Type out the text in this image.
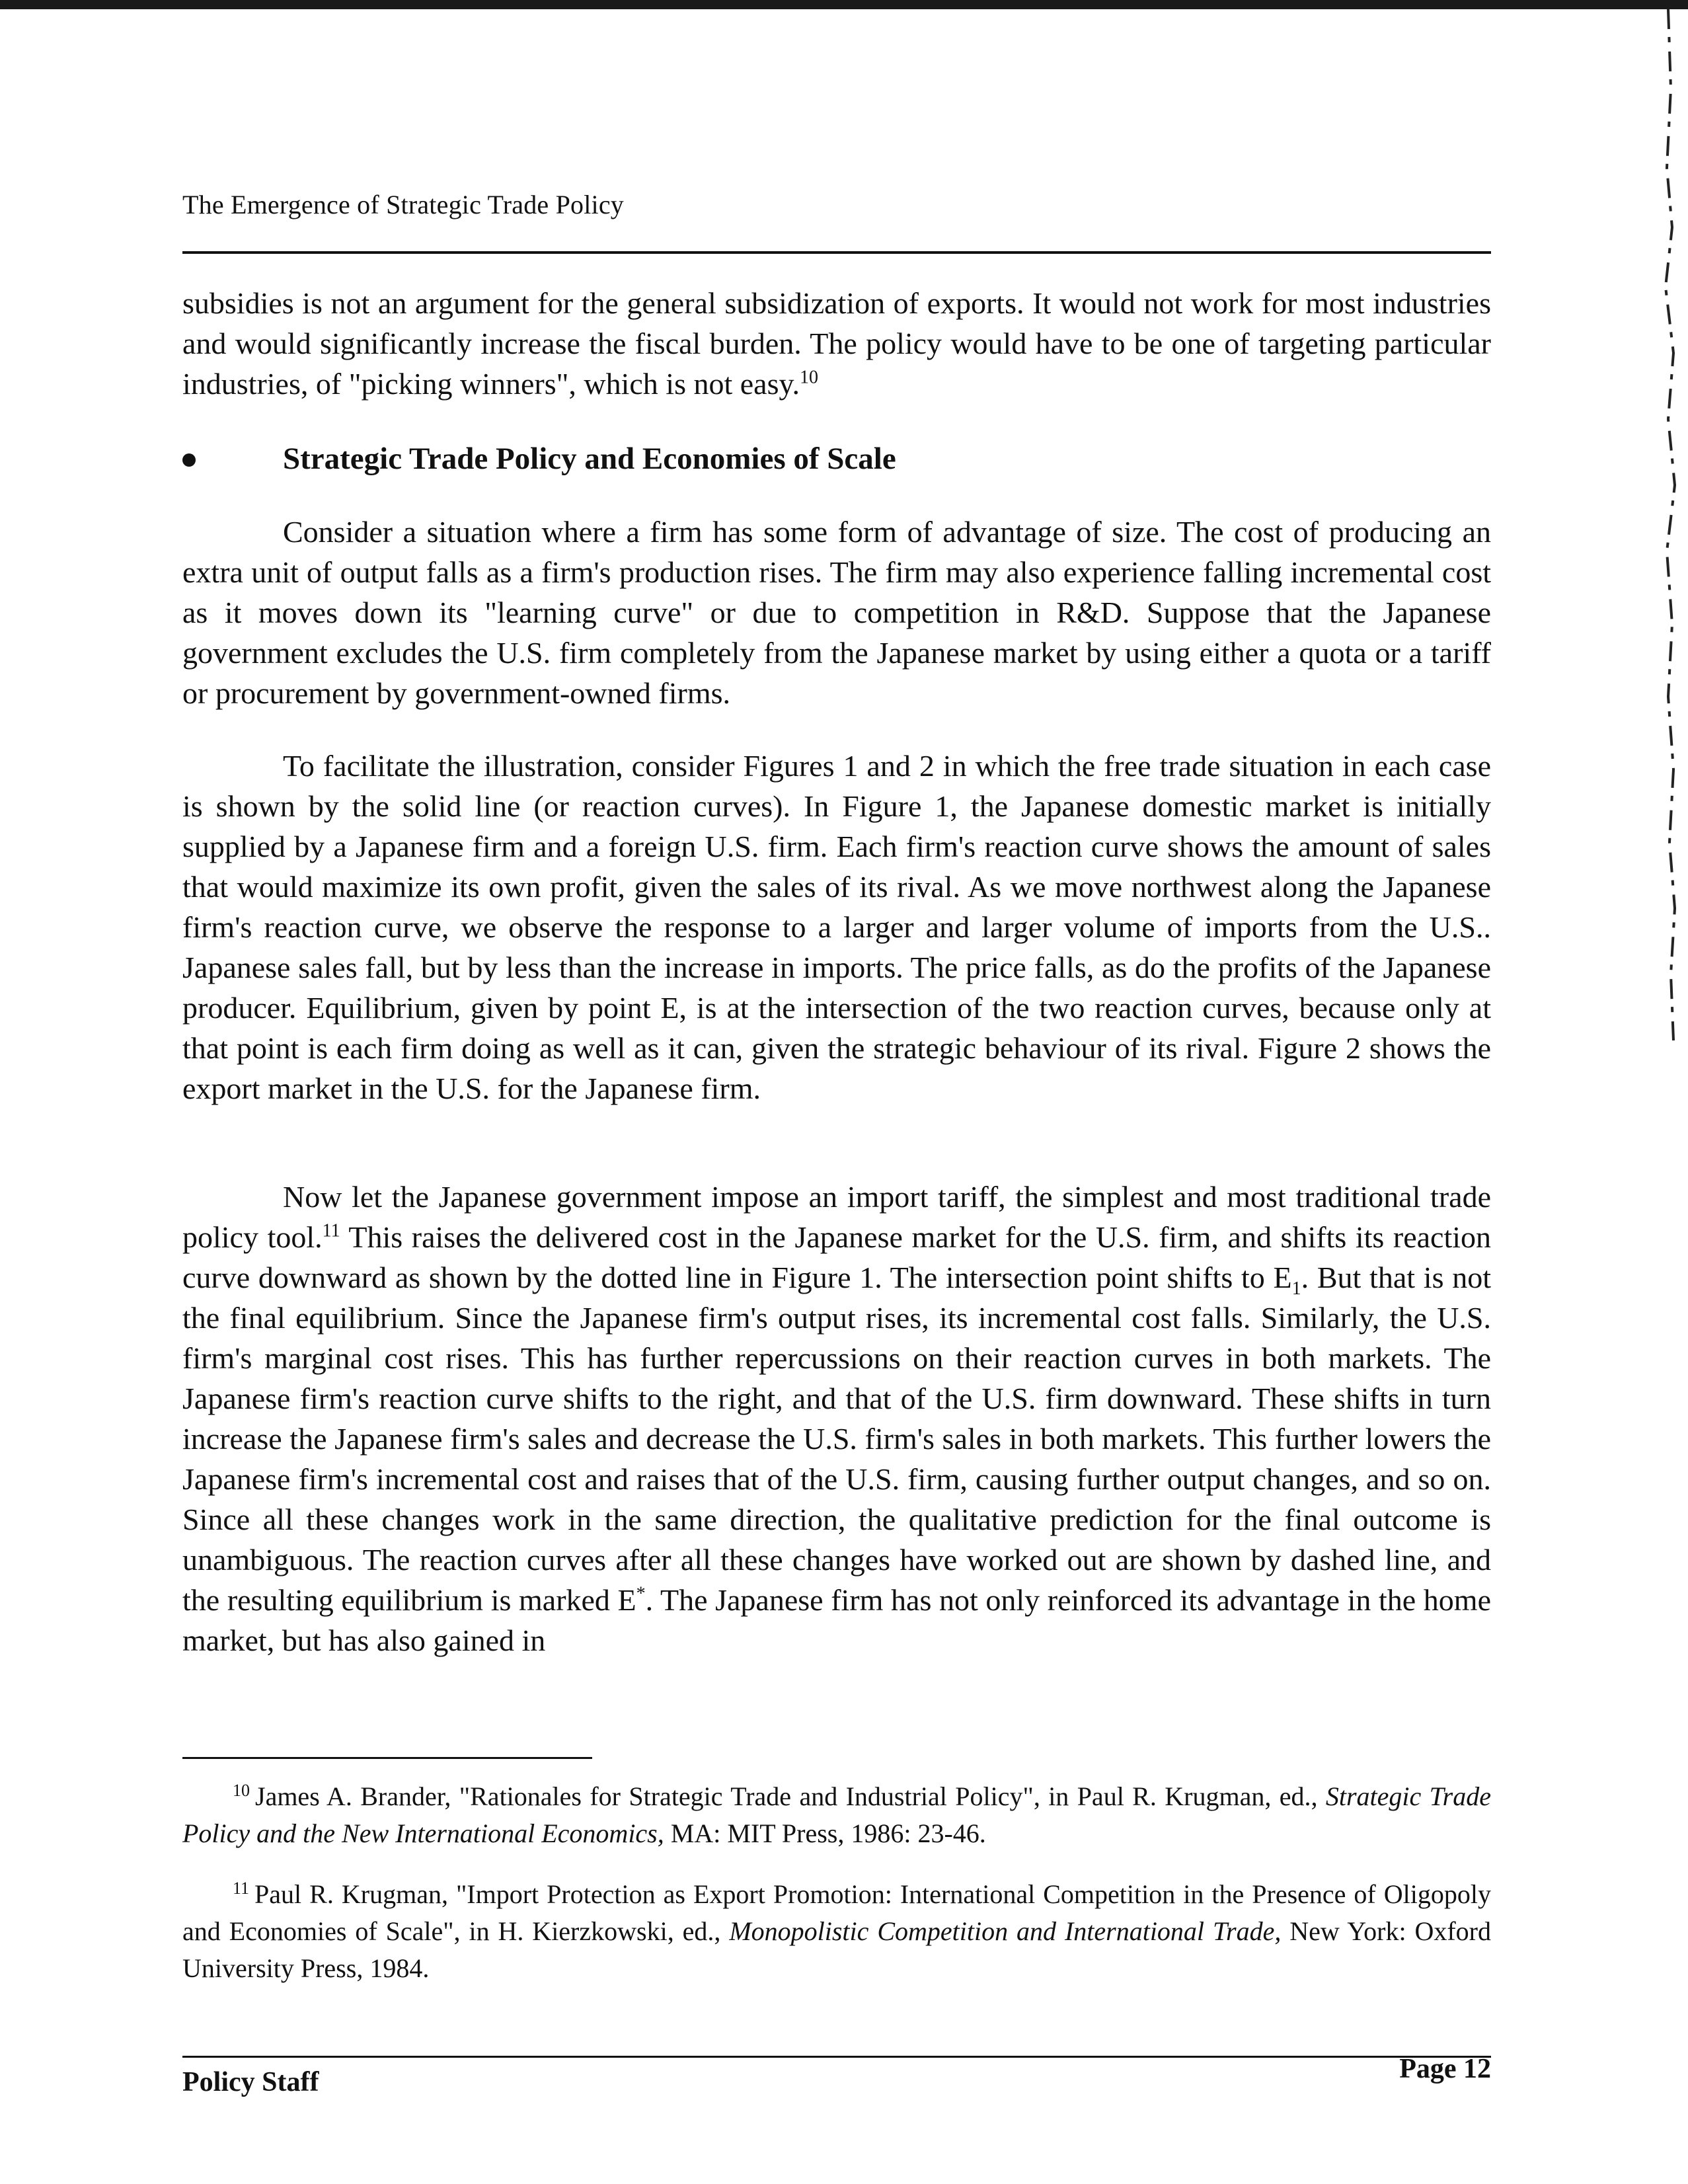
The Emergence of Strategic Trade Policy

subsidies is not an argument for the general subsidization of exports. It would not work for most industries and would significantly increase the fiscal burden. The policy would have to be one of targeting particular industries, of "picking winners", which is not easy.$^{10}$

Strategic Trade Policy and Economies of Scale

Consider a situation where a firm has some form of advantage of size. The cost of producing an extra unit of output falls as a firm's production rises. The firm may also experience falling incremental cost as it moves down its "learning curve" or due to competition in R&D. Suppose that the Japanese government excludes the U.S. firm completely from the Japanese market by using either a quota or a tariff or procurement by government-owned firms.

To facilitate the illustration, consider Figures 1 and 2 in which the free trade situation in each case is shown by the solid line (or reaction curves). In Figure 1, the Japanese domestic market is initially supplied by a Japanese firm and a foreign U.S. firm. Each firm's reaction curve shows the amount of sales that would maximize its own profit, given the sales of its rival. As we move northwest along the Japanese firm's reaction curve, we observe the response to a larger and larger volume of imports from the U.S.. Japanese sales fall, but by less than the increase in imports. The price falls, as do the profits of the Japanese producer. Equilibrium, given by point E, is at the intersection of the two reaction curves, because only at that point is each firm doing as well as it can, given the strategic behaviour of its rival. Figure 2 shows the export market in the U.S. for the Japanese firm.

Now let the Japanese government impose an import tariff, the simplest and most traditional trade policy tool.$^{11}$ This raises the delivered cost in the Japanese market for the U.S. firm, and shifts its reaction curve downward as shown by the dotted line in Figure 1. The intersection point shifts to $E_1$. But that is not the final equilibrium. Since the Japanese firm's output rises, its incremental cost falls. Similarly, the U.S. firm's marginal cost rises. This has further repercussions on their reaction curves in both markets. The Japanese firm's reaction curve shifts to the right, and that of the U.S. firm downward. These shifts in turn increase the Japanese firm's sales and decrease the U.S. firm's sales in both markets. This further lowers the Japanese firm's incremental cost and raises that of the U.S. firm, causing further output changes, and so on. Since all these changes work in the same direction, the qualitative prediction for the final outcome is unambiguous. The reaction curves after all these changes have worked out are shown by dashed line, and the resulting equilibrium is marked E*. The Japanese firm has not only reinforced its advantage in the home market, but has also gained in

$^{10}$ James A. Brander, "Rationales for Strategic Trade and Industrial Policy", in Paul R. Krugman, ed., Strategic Trade Policy and the New International Economics, MA: MIT Press, 1986: 23-46.

$^{11}$ Paul R. Krugman, "Import Protection as Export Promotion: International Competition in the Presence of Oligopoly and Economies of Scale", in H. Kierzkowski, ed., Monopolistic Competition and International Trade, New York: Oxford University Press, 1984.

Policy Staff	Page 12
